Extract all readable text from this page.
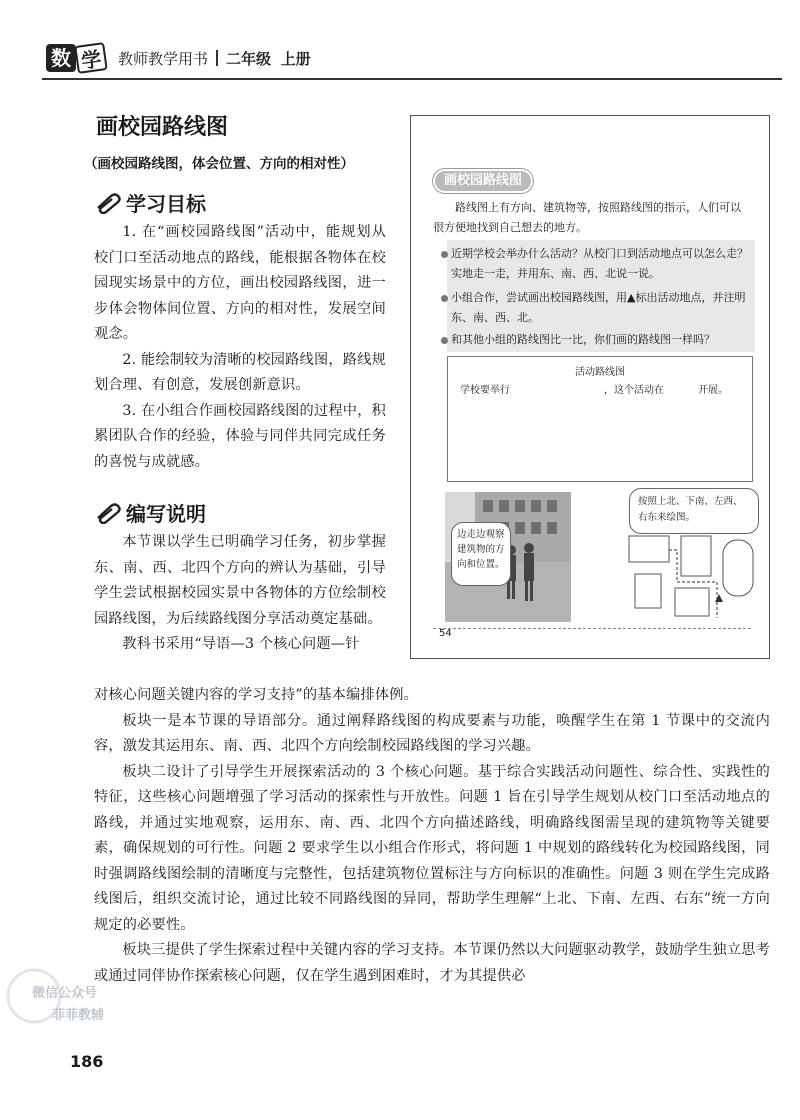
数 学	教师教学用书 二年级 上册
画校园路线图
（画校园路线图，体会位置、方向的相对性）
学习目标

1. 在“画校园路线图”活动中，能规划从校门口至活动地点的路线，能根据各物体在校园现实场景中的方位，画出校园路线图，进一步体会物体间位置、方向的相对性，发展空间观念。

2. 能绘制较为清晰的校园路线图，路线规划合理、有创意，发展创新意识。

3. 在小组合作画校园路线图的过程中，积累团队合作的经验，体验与同伴共同完成任务的喜悦与成就感。

编写说明

本节课以学生已明确学习任务，初步掌握东、南、西、北四个方向的辨认为基础，引导学生尝试根据校园实景中各物体的方位绘制校园路线图，为后续路线图分享活动奠定基础。

教科书采用“导语—3 个核心问题—针

对核心问题关键内容的学习支持”的基本编排体例。

板块一是本节课的导语部分。通过阐释路线图的构成要素与功能，唤醒学生在第 1 节课中的交流内容，激发其运用东、南、西、北四个方向绘制校园路线图的学习兴趣。

板块二设计了引导学生开展探索活动的 3 个核心问题。基于综合实践活动问题性、综合性、实践性的特征，这些核心问题增强了学习活动的探索性与开放性。问题 1 旨在引导学生规划从校门口至活动地点的路线，并通过实地观察，运用东、南、西、北四个方向描述路线，明确路线图需呈现的建筑物等关键要素，确保规划的可行性。问题 2 要求学生以小组合作形式，将问题 1 中规划的路线转化为校园路线图，同时强调路线图绘制的清晰度与完整性，包括建筑物位置标注与方向标识的准确性。问题 3 则在学生完成路线图后，组织交流讨论，通过比较不同路线图的异同，帮助学生理解“上北、下南、左西、右东”统一方向规定的必要性。

板块三提供了学生探索过程中关键内容的学习支持。本节课仍然以大问题驱动教学，鼓励学生独立思考或通过同伴协作探索核心问题，仅在学生遇到困难时，才为其提供必

画校园路线图

路线图上有方向、建筑物等，按照路线图的指示，人们可以很方便地找到自己想去的地方。

近期学校会举办什么活动？从校门口到活动地点可以怎么走？实地走一走，并用东、南、西、北说一说。
小组合作，尝试画出校园路线图，用▲标出活动地点，并注明东、南、西、北。
和其他小组的路线图比一比，你们画的路线图一样吗？
活动路线图
学校要举行	，这个活动在	开展。
边走边观察建筑物的方向和位置。
按照上北、下南、左西、右东来绘图。
54
微信公众号
菲菲教辅
186
